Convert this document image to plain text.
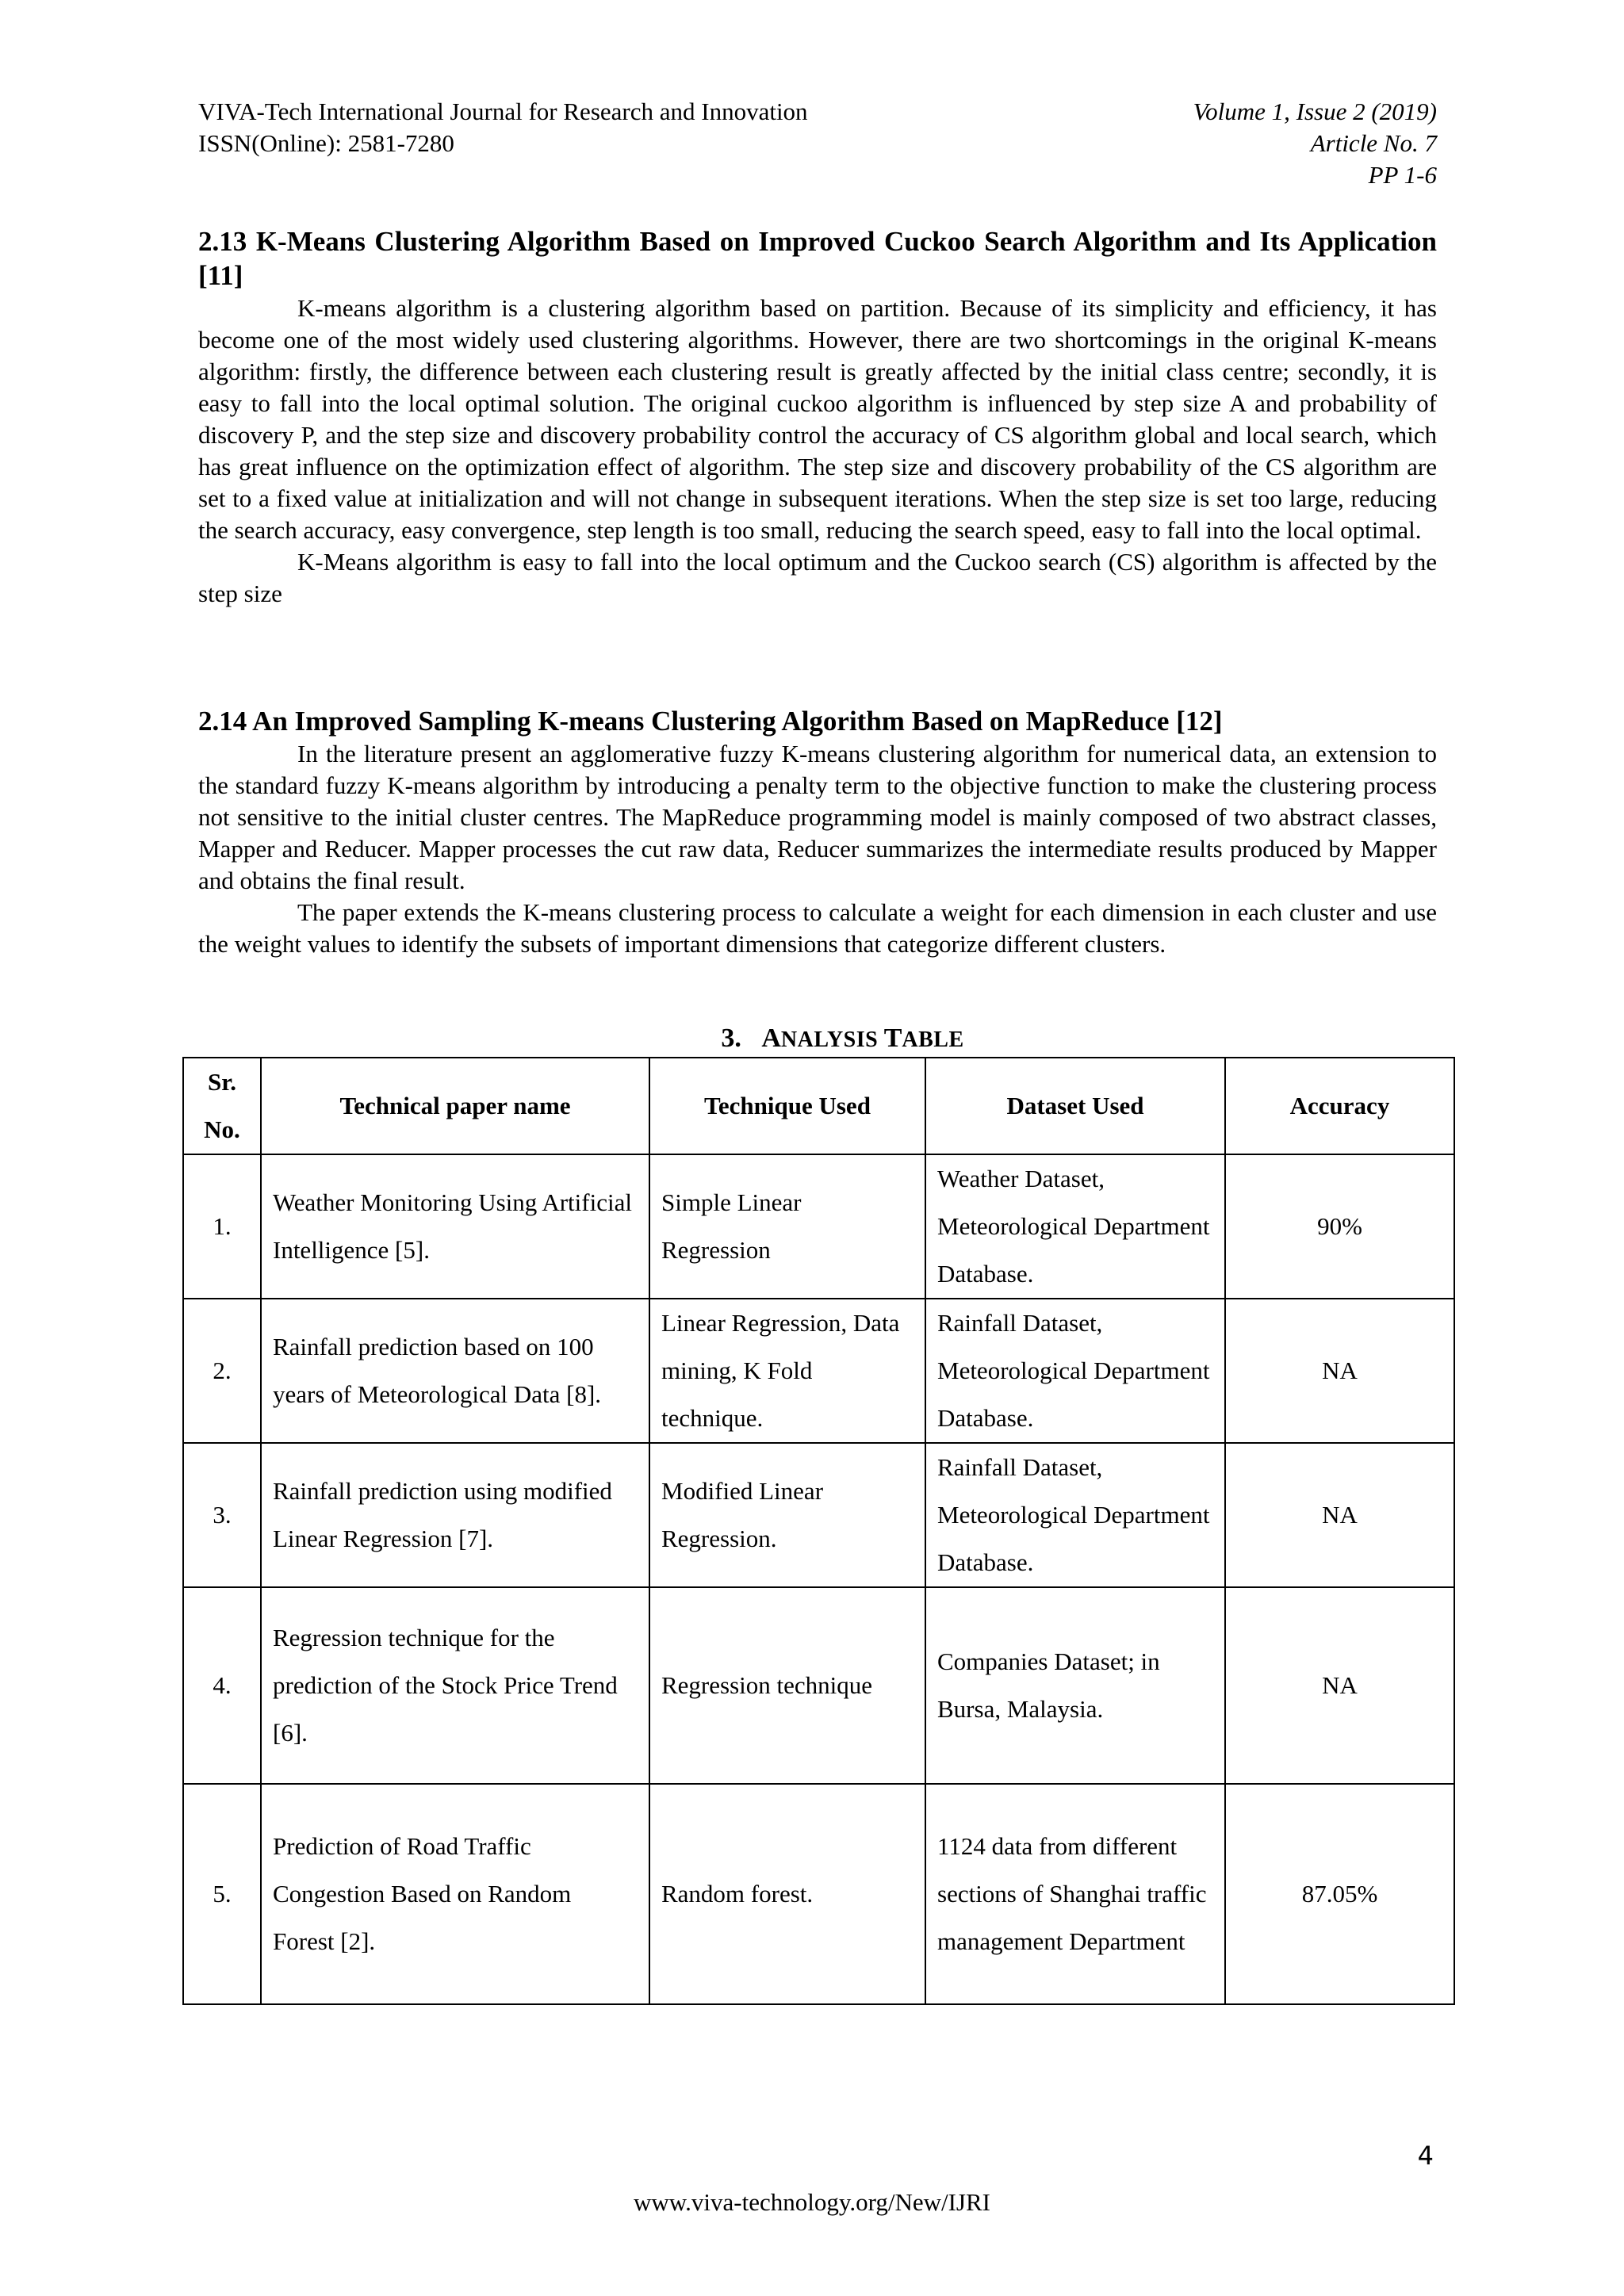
VIVA-Tech International Journal for Research and Innovation	Volume 1, Issue 2 (2019)
ISSN(Online): 2581-7280	Article No. 7
PP 1-6
2.13 K-Means Clustering Algorithm Based on Improved Cuckoo Search Algorithm and Its Application [11]

K-means algorithm is a clustering algorithm based on partition. Because of its simplicity and efficiency, it has become one of the most widely used clustering algorithms. However, there are two shortcomings in the original K-means algorithm: firstly, the difference between each clustering result is greatly affected by the initial class centre; secondly, it is easy to fall into the local optimal solution. The original cuckoo algorithm is influenced by step size A and probability of discovery P, and the step size and discovery probability control the accuracy of CS algorithm global and local search, which has great influence on the optimization effect of algorithm. The step size and discovery probability of the CS algorithm are set to a fixed value at initialization and will not change in subsequent iterations. When the step size is set too large, reducing the search accuracy, easy convergence, step length is too small, reducing the search speed, easy to fall into the local optimal.

K-Means algorithm is easy to fall into the local optimum and the Cuckoo search (CS) algorithm is affected by the step size

2.14 An Improved Sampling K-means Clustering Algorithm Based on MapReduce [12]

In the literature present an agglomerative fuzzy K-means clustering algorithm for numerical data, an extension to the standard fuzzy K-means algorithm by introducing a penalty term to the objective function to make the clustering process not sensitive to the initial cluster centres. The MapReduce programming model is mainly composed of two abstract classes, Mapper and Reducer. Mapper processes the cut raw data, Reducer summarizes the intermediate results produced by Mapper and obtains the final result.

The paper extends the K-means clustering process to calculate a weight for each dimension in each cluster and use the weight values to identify the subsets of important dimensions that categorize different clusters.

3. ANALYSIS TABLE
Sr.
No.	Technical paper name	Technique Used	Dataset Used	Accuracy
1.	Weather Monitoring Using Artificial Intelligence [5].	Simple Linear Regression	Weather Dataset, Meteorological Department Database.	90%
2.	Rainfall prediction based on 100 years of Meteorological Data [8].	Linear Regression, Data mining, K Fold technique.	Rainfall Dataset, Meteorological Department Database.	NA
3.	Rainfall prediction using modified Linear Regression [7].	Modified Linear Regression.	Rainfall Dataset, Meteorological Department Database.	NA
4.	Regression technique for the prediction of the Stock Price Trend [6].	Regression technique	Companies Dataset; in Bursa, Malaysia.	NA
5.	Prediction of Road Traffic Congestion Based on Random Forest [2].	Random forest.	1124 data from different sections of Shanghai traffic management Department	87.05%
4
www.viva-technology.org/New/IJRI
